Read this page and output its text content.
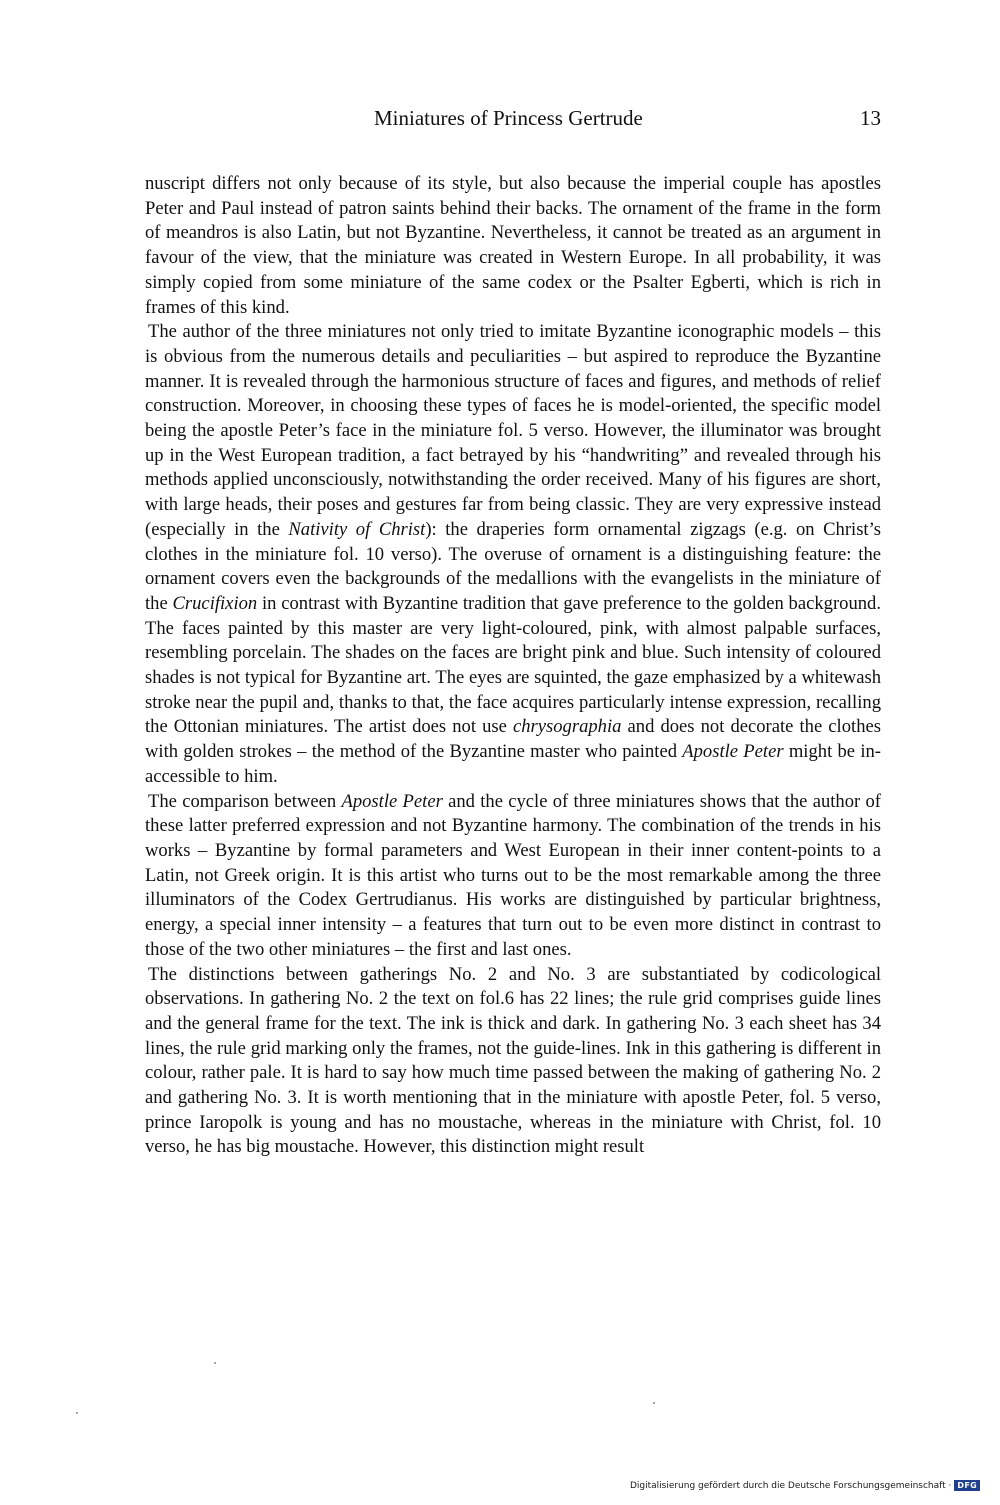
Miniatures of Princess Gertrude	13

nuscript differs not only because of its style, but also because the imperial couple has apostles Peter and Paul instead of patron saints behind their backs. The ornament of the frame in the form of meandros is also Latin, but not Byzantine. Nevertheless, it cannot be treated as an argument in favour of the view, that the miniature was created in Western Europe. In all probability, it was simply copied from some miniature of the same codex or the Psalter Egberti, which is rich in frames of this kind.

The author of the three miniatures not only tried to imitate Byzantine iconographic models – this is obvious from the numerous details and peculiarities – but aspired to reproduce the Byzantine manner. It is revealed through the harmonious structure of faces and figures, and methods of relief construction. Moreover, in choosing these types of faces he is model-oriented, the specific model being the apostle Peter’s face in the miniature fol. 5 verso. However, the illuminator was brought up in the West European tradition, a fact betrayed by his “handwriting” and revealed through his methods applied unconsciously, notwithstanding the order received. Many of his figures are short, with large heads, their poses and gestures far from being classic. They are very expressive instead (especially in the Nativity of Christ): the draperies form ornamental zigzags (e.g. on Christ’s clothes in the miniature fol. 10 verso). The overuse of ornament is a distinguishing feature: the ornament covers even the backgrounds of the medallions with the evangelists in the miniature of the Crucifixion in contrast with Byzantine tradition that gave preference to the golden background. The faces painted by this master are very light-coloured, pink, with almost palpable surfaces, resembling porcelain. The shades on the faces are bright pink and blue. Such intensity of coloured shades is not typical for Byzantine art. The eyes are squinted, the gaze emphasized by a whitewash stroke near the pupil and, thanks to that, the face acquires particularly intense expression, recalling the Ottonian miniatures. The artist does not use chrysographia and does not decorate the clothes with golden strokes – the method of the Byzantine master who painted Apostle Peter might be inaccessible to him.

The comparison between Apostle Peter and the cycle of three miniatures shows that the author of these latter preferred expression and not Byzantine harmony. The combination of the trends in his works – Byzantine by formal parameters and West European in their inner content-points to a Latin, not Greek origin. It is this artist who turns out to be the most remarkable among the three illuminators of the Codex Gertrudianus. His works are distinguished by particular brightness, energy, a special inner intensity – a features that turn out to be even more distinct in contrast to those of the two other miniatures – the first and last ones.

The distinctions between gatherings No. 2 and No. 3 are substantiated by codicological observations. In gathering No. 2 the text on fol.6 has 22 lines; the rule grid comprises guide lines and the general frame for the text. The ink is thick and dark. In gathering No. 3 each sheet has 34 lines, the rule grid marking only the frames, not the guide-lines. Ink in this gathering is different in colour, rather pale. It is hard to say how much time passed between the making of gathering No. 2 and gathering No. 3. It is worth mentioning that in the miniature with apostle Peter, fol. 5 verso, prince Iaropolk is young and has no moustache, whereas in the miniature with Christ, fol. 10 verso, he has big moustache. However, this distinction might result

Digitalisierung gefördert durch die Deutsche Forschungsgemeinschaft · DFG
